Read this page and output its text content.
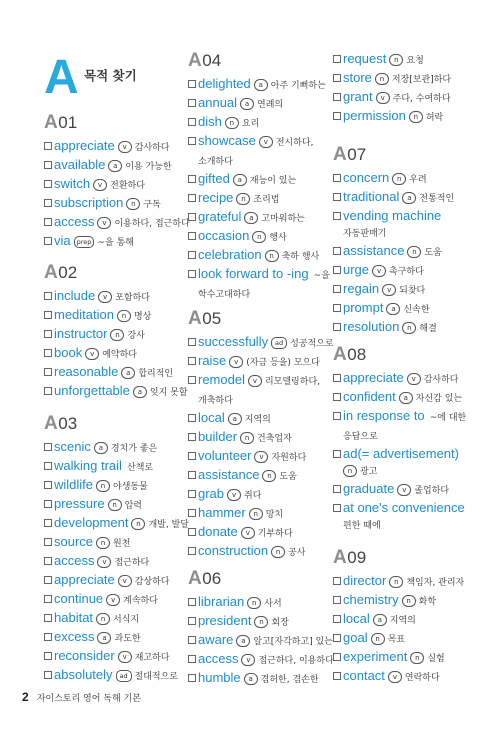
A 목적 찾기
A 01
appreciate v 감사하다
available a 이용 가능한
switch v 전환하다
subscription n 구독
access v 이용하다, 접근하다
via prep ~을 통해
A 02
include v 포함하다
meditation n 명상
instructor n 강사
book v 예약하다
reasonable a 합리적인
unforgettable a 잊지 못할
A 03
scenic a 경치가 좋은
walking trail 산책로
wildlife n 야생동물
pressure n 압력
development n 개발, 발달
source n 원천
access v 접근하다
appreciate v 감상하다
continue v 계속하다
habitat n 서식지
excess a 과도한
reconsider v 재고하다
absolutely ad 절대적으로
A 04
delighted a 아주 기뻐하는
annual a 연례의
dish n 요리
showcase v 전시하다,
소개하다
gifted a 재능이 있는
recipe n 조리법
grateful a 고마워하는
occasion n 행사
celebration n 축하 행사
look forward to -ing ~을
학수고대하다
A 05
successfully ad 성공적으로
raise v (자금 등을) 모으다
remodel v 리모델링하다,
개축하다
local a 지역의
builder n 건축업자
volunteer v 자원하다
assistance n 도움
grab v 쥐다
hammer n 망치
donate v 기부하다
construction n 공사
A 06
librarian n 사서
president n 회장
aware a 알고[자각하고] 있는
access v 접근하다, 이용하다
humble a 겸허한, 겸손한
request n 요청
store n 저장[보관]하다
grant v 주다, 수여하다
permission n 허락
A 07
concern n 우려
traditional a 전통적인
vending machine
자동판매기
assistance n 도움
urge v 촉구하다
regain v 되찾다
prompt a 신속한
resolution n 해결
A 08
appreciate v 감사하다
confident a 자신감 있는
in response to ~에 대한
응답으로
ad(= advertisement)
n 광고
graduate v 졸업하다
at one's convenience
편한 때에
A 09
director n 책임자, 관리자
chemistry n 화학
local a 지역의
goal n 목표
experiment n 실험
contact v 연락하다
2 자이스토리 영어 독해 기본
